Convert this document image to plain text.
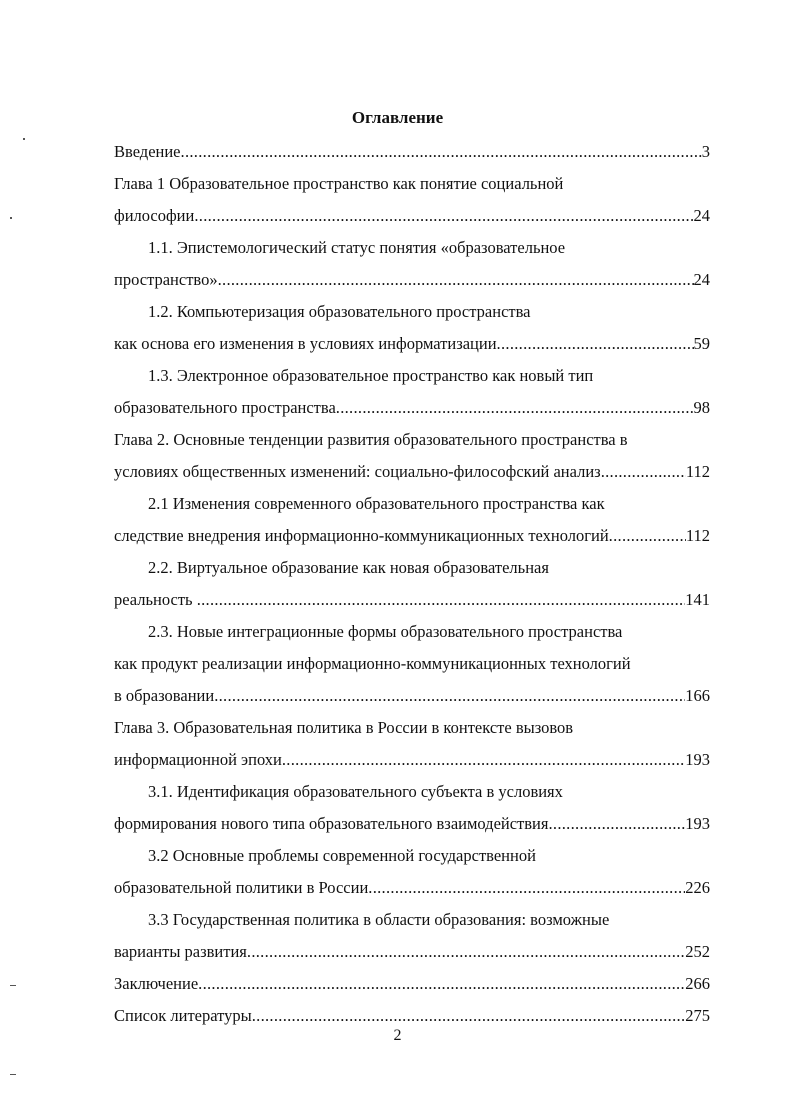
Оглавление
Введение .....	3
Глава 1 Образовательное пространство как понятие социальной
философии .....	24
1.1. Эпистемологический статус понятия «образовательное
пространство» .....	24
1.2. Компьютеризация образовательного пространства
как основа его изменения в условиях информатизации .....	59
1.3. Электронное образовательное пространство как новый тип
образовательного пространства .....	98
Глава 2. Основные тенденции развития образовательного пространства в
условиях общественных изменений: социально-философский анализ .....	112
2.1 Изменения современного образовательного пространства как
следствие внедрения информационно-коммуникационных технологий .....	112
2.2. Виртуальное образование как новая образовательная
реальность .....	141
2.3. Новые интеграционные формы образовательного пространства
как продукт реализации информационно-коммуникационных технологий
в образовании .....	166
Глава 3. Образовательная политика в России в контексте вызовов
информационной эпохи .....	193
3.1. Идентификация образовательного субъекта в условиях
формирования нового типа образовательного взаимодействия .....	193
3.2 Основные проблемы современной государственной
образовательной политики в России .....	226
3.3 Государственная политика в области образования: возможные
варианты развития .....	252
Заключение .....	266
Список литературы .....	275
2
